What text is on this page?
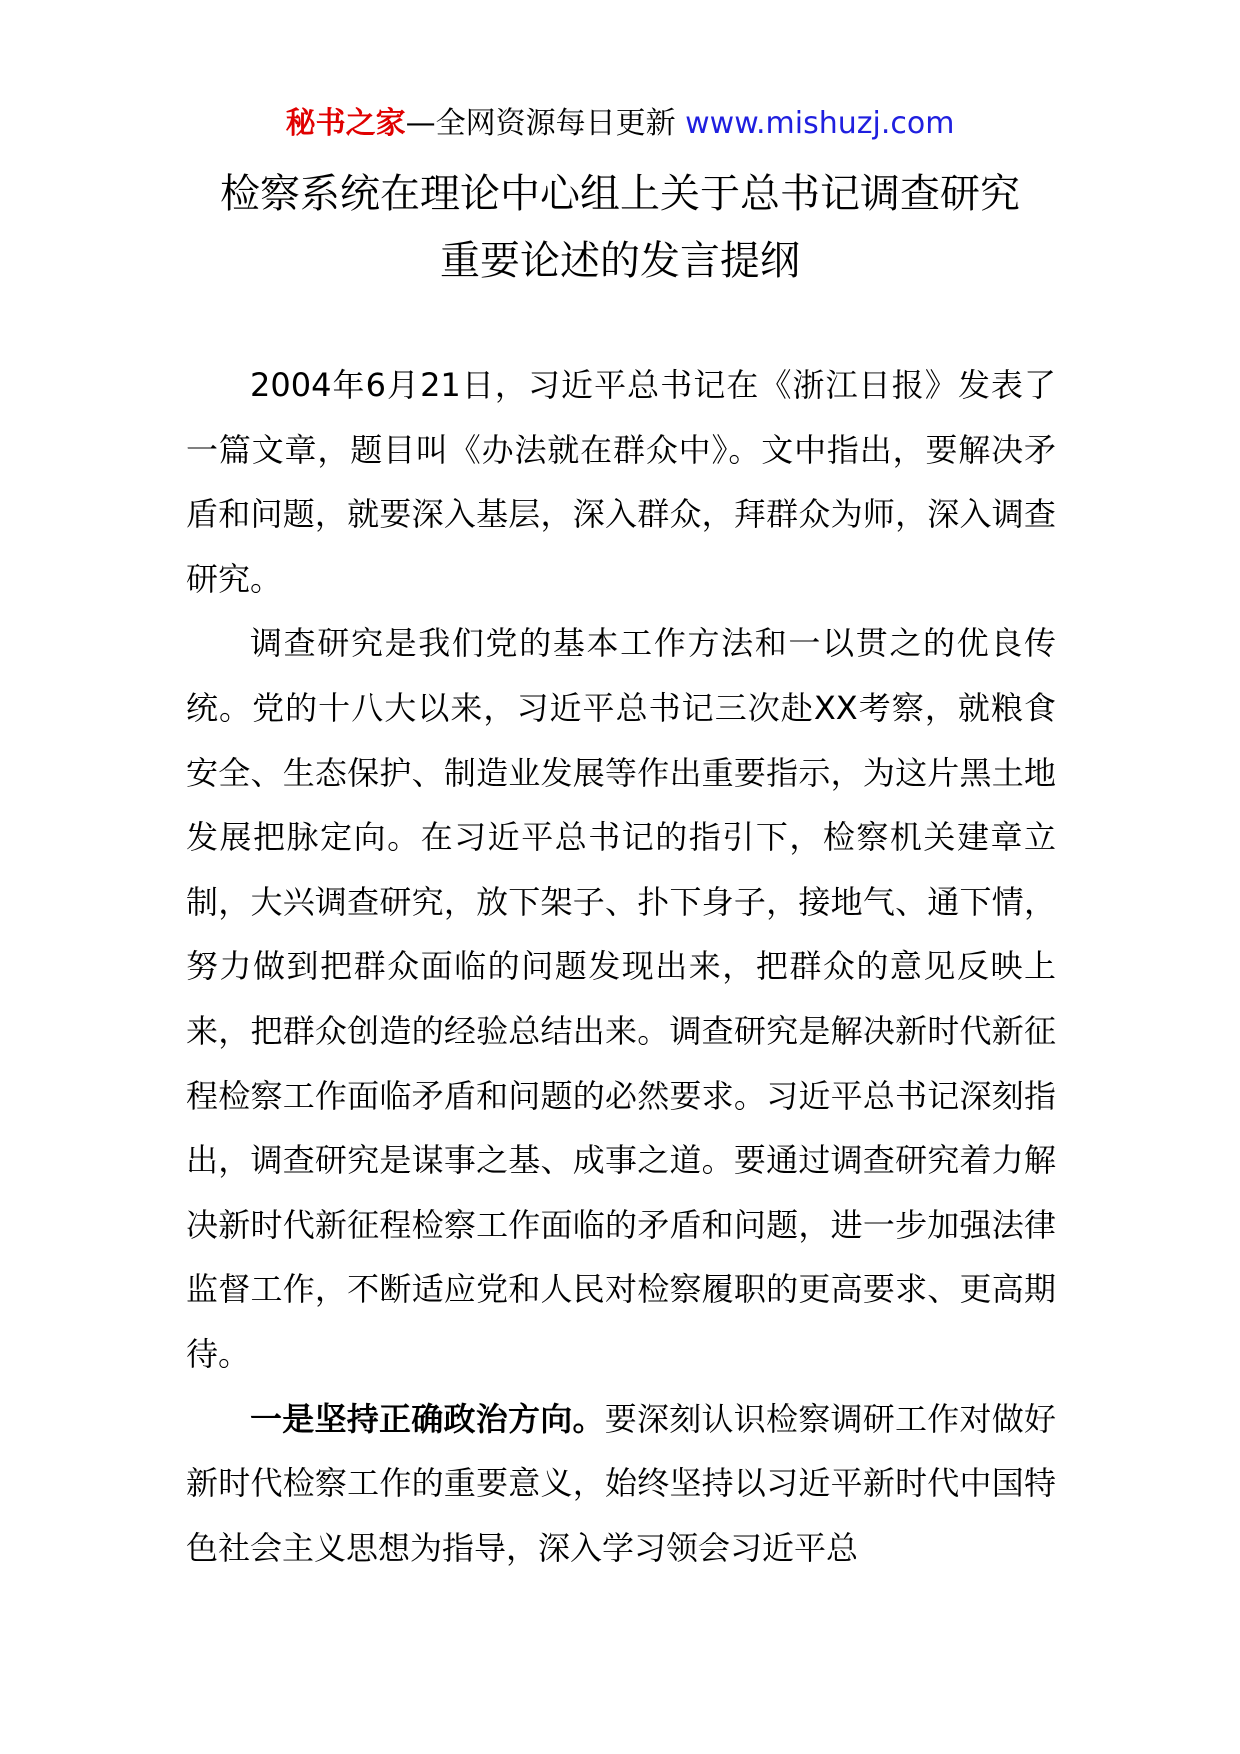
秘书之家—全网资源每日更新 www.mishuzj.com
检察系统在理论中心组上关于总书记调查研究
重要论述的发言提纲

2004年6月21日，习近平总书记在《浙江日报》发表了一篇文章，题目叫《办法就在群众中》。文中指出，要解决矛盾和问题，就要深入基层，深入群众，拜群众为师，深入调查研究。

调查研究是我们党的基本工作方法和一以贯之的优良传统。党的十八大以来，习近平总书记三次赴XX考察，就粮食安全、生态保护、制造业发展等作出重要指示，为这片黑土地发展把脉定向。在习近平总书记的指引下，检察机关建章立制，大兴调查研究，放下架子、扑下身子，接地气、通下情，努力做到把群众面临的问题发现出来，把群众的意见反映上来，把群众创造的经验总结出来。调查研究是解决新时代新征程检察工作面临矛盾和问题的必然要求。习近平总书记深刻指出，调查研究是谋事之基、成事之道。要通过调查研究着力解决新时代新征程检察工作面临的矛盾和问题，进一步加强法律监督工作，不断适应党和人民对检察履职的更高要求、更高期待。

一是坚持正确政治方向。要深刻认识检察调研工作对做好新时代检察工作的重要意义，始终坚持以习近平新时代中国特色社会主义思想为指导，深入学习领会习近平总
